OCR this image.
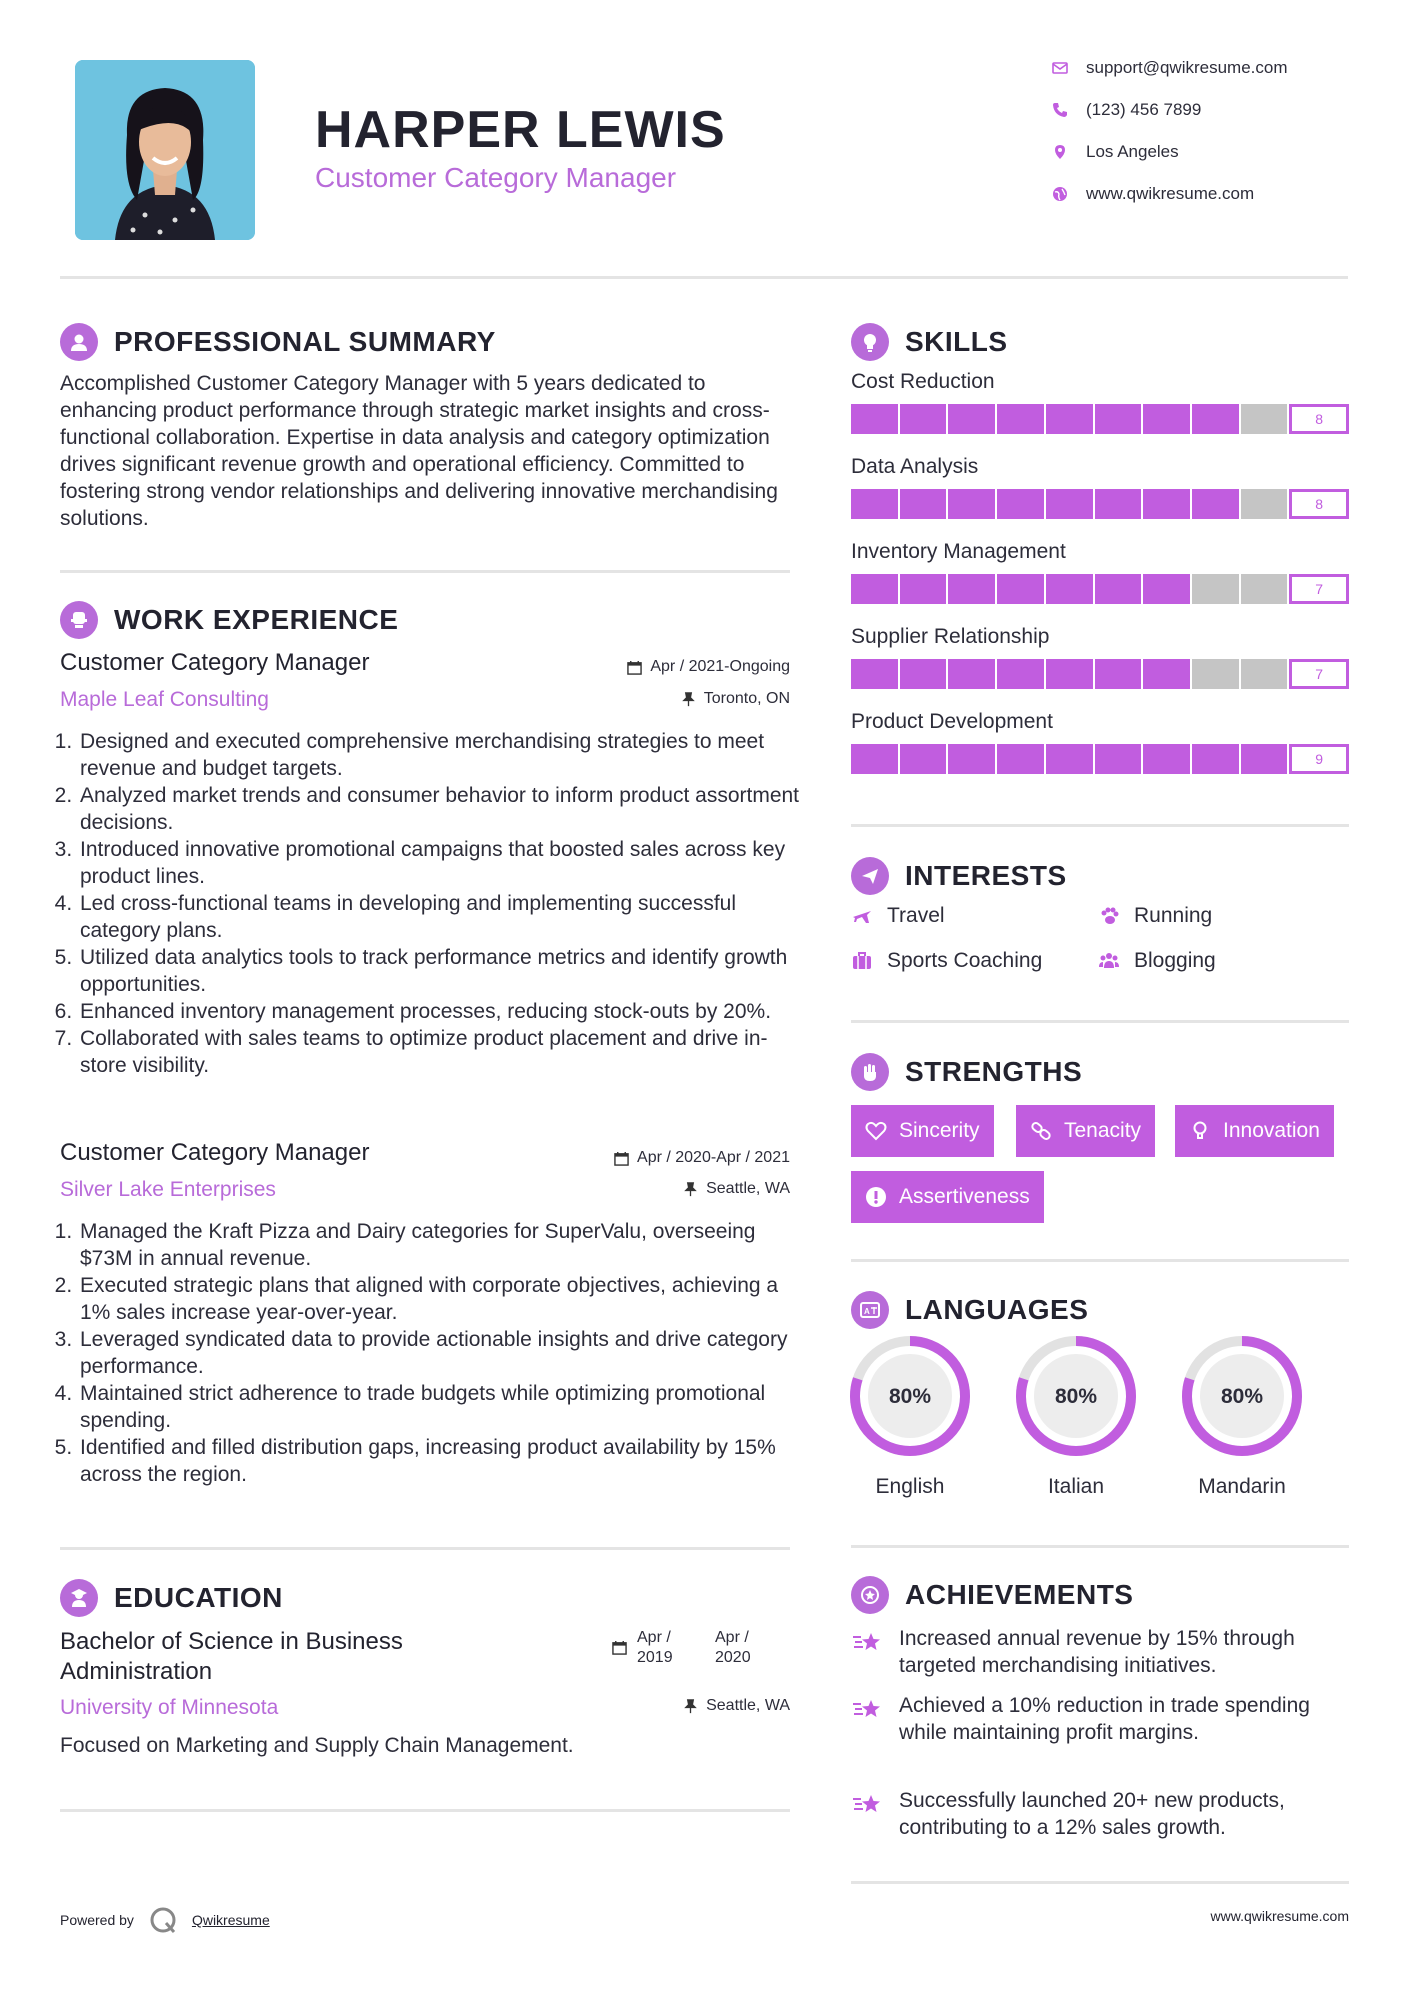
HARPER LEWIS
Customer Category Manager
support@qwikresume.com
(123) 456 7899
Los Angeles
www.qwikresume.com
PROFESSIONAL SUMMARY
Accomplished Customer Category Manager with 5 years dedicated to enhancing product performance through strategic market insights and cross-functional collaboration. Expertise in data analysis and category optimization drives significant revenue growth and operational efficiency. Committed to fostering strong vendor relationships and delivering innovative merchandising solutions.
WORK EXPERIENCE
Customer Category Manager
Maple Leaf Consulting
Apr / 2021-Ongoing
Toronto, ON
1. Designed and executed comprehensive merchandising strategies to meet revenue and budget targets.
2. Analyzed market trends and consumer behavior to inform product assortment decisions.
3. Introduced innovative promotional campaigns that boosted sales across key product lines.
4. Led cross-functional teams in developing and implementing successful category plans.
5. Utilized data analytics tools to track performance metrics and identify growth opportunities.
6. Enhanced inventory management processes, reducing stock-outs by 20%.
7. Collaborated with sales teams to optimize product placement and drive in-store visibility.
Customer Category Manager
Silver Lake Enterprises
Apr / 2020-Apr / 2021
Seattle, WA
1. Managed the Kraft Pizza and Dairy categories for SuperValu, overseeing $73M in annual revenue.
2. Executed strategic plans that aligned with corporate objectives, achieving a 1% sales increase year-over-year.
3. Leveraged syndicated data to provide actionable insights and drive category performance.
4. Maintained strict adherence to trade budgets while optimizing promotional spending.
5. Identified and filled distribution gaps, increasing product availability by 15% across the region.
EDUCATION
Bachelor of Science in Business Administration
Apr / 2019
Apr / 2020
University of Minnesota	Seattle, WA
Focused on Marketing and Supply Chain Management.
SKILLS
Cost Reduction
8
Data Analysis
8
Inventory Management
7
Supplier Relationship
7
Product Development
9
INTERESTS
Travel	Running
Sports Coaching	Blogging
STRENGTHS
Sincerity	Tenacity	Innovation
Assertiveness
A LANGUAGES
80%
English
80%
Italian
80%
Mandarin
ACHIEVEMENTS
Increased annual revenue by 15% through targeted merchandising initiatives.
Achieved a 10% reduction in trade spending while maintaining profit margins.
Successfully launched 20+ new products, contributing to a 12% sales growth.
Powered by	Qwikresume	www.qwikresume.com
